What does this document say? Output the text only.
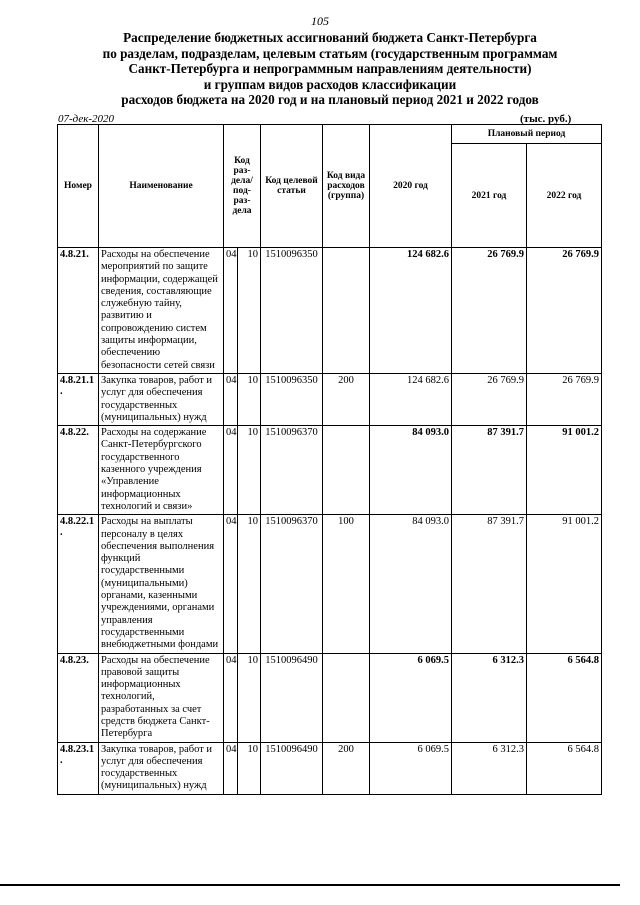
105
Распределение бюджетных ассигнований бюджета Санкт-Петербурга
по разделам, подразделам, целевым статьям (государственным программам
Санкт-Петербурга и непрограммным направлениям деятельности)
и группам видов расходов классификации
расходов бюджета на 2020 год и на плановый период 2021 и 2022 годов
07-дек-2020	(тыс. руб.)
Номер	Наименование	Код раз-дела/ под-раз-дела		Код целевой статьи	Код вида расходов (группа)	2020 год	Плановый период	
							2021 год	2022 год
4.8.21.	Расходы на обеспечение мероприятий по защите информации, содержащей сведения, составляющие служебную тайну, развитию и сопровождению систем защиты информации, обеспечению безопасности сетей связи	04	10	1510096350		124 682.6	26 769.9	26 769.9
4.8.21.1 .	Закупка товаров, работ и услуг для обеспечения государственных (муниципальных) нужд	04	10	1510096350	200	124 682.6	26 769.9	26 769.9
4.8.22.	Расходы на содержание Санкт-Петербургского государственного казенного учреждения «Управление информационных технологий и связи»	04	10	1510096370		84 093.0	87 391.7	91 001.2
4.8.22.1 .	Расходы на выплаты персоналу в целях обеспечения выполнения функций государственными (муниципальными) органами, казенными учреждениями, органами управления государственными внебюджетными фондами	04	10	1510096370	100	84 093.0	87 391.7	91 001.2
4.8.23.	Расходы на обеспечение правовой защиты информационных технологий, разработанных за счет средств бюджета Санкт-Петербурга	04	10	1510096490		6 069.5	6 312.3	6 564.8
4.8.23.1 .	Закупка товаров, работ и услуг для обеспечения государственных (муниципальных) нужд	04	10	1510096490	200	6 069.5	6 312.3	6 564.8
